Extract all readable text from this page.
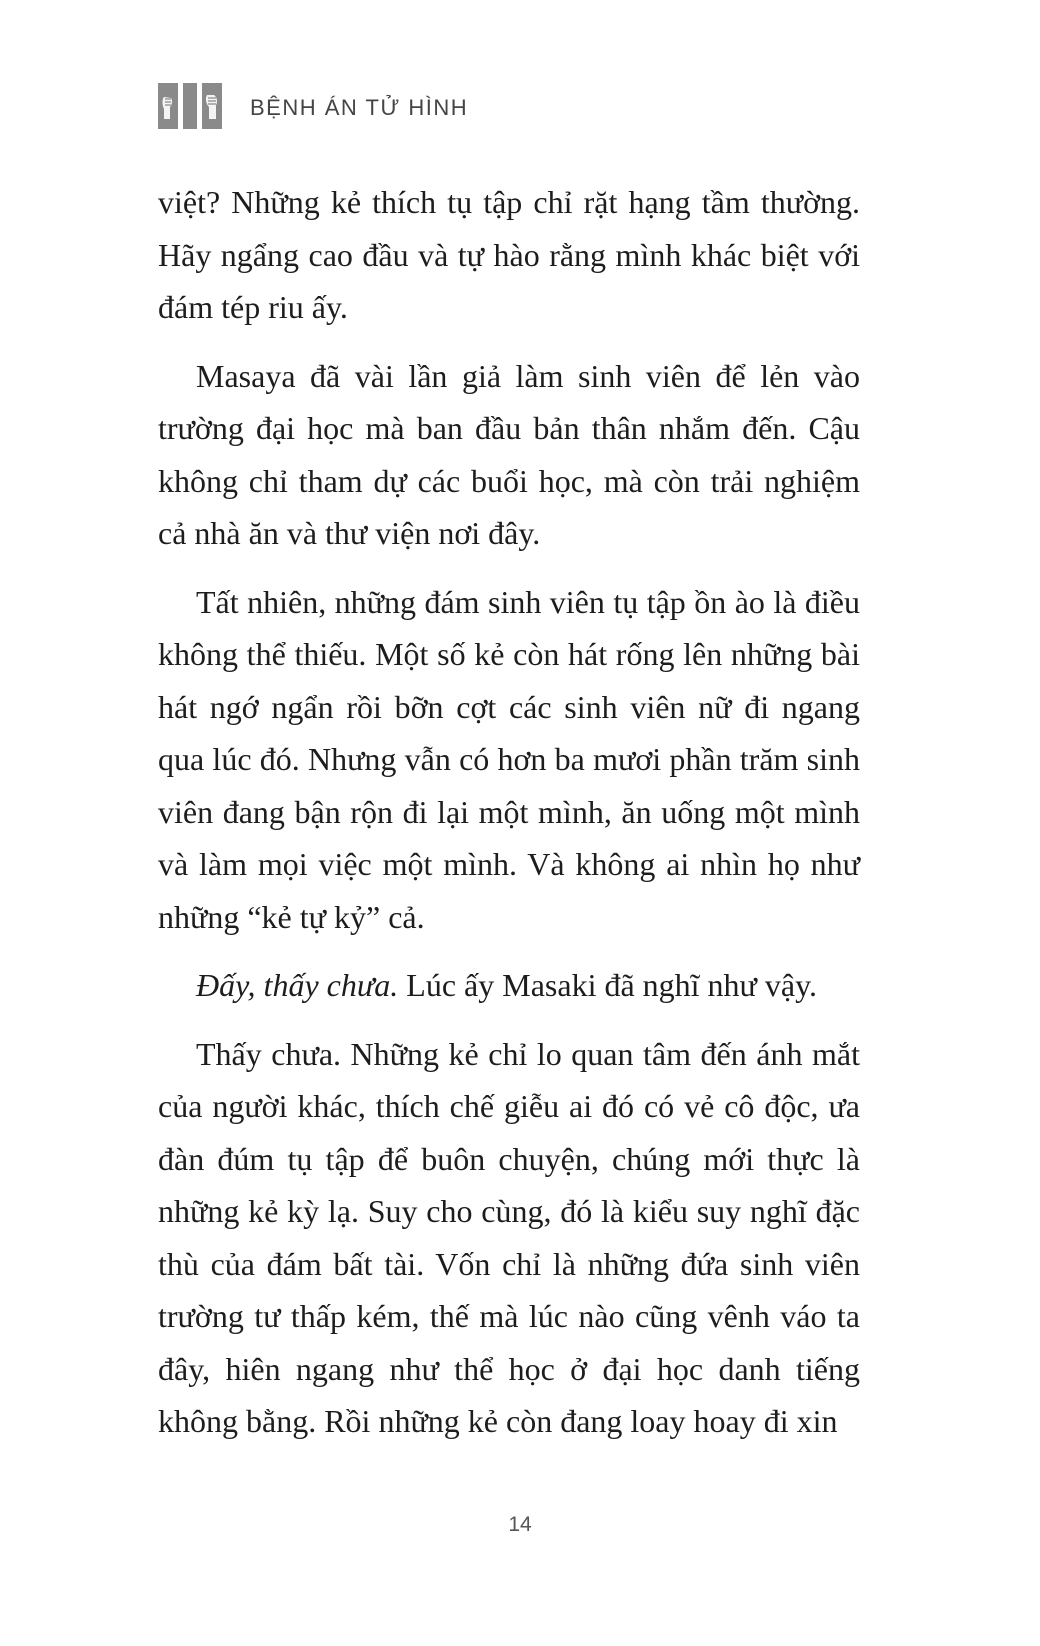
BỆNH ÁN TỬ HÌNH

việt? Những kẻ thích tụ tập chỉ rặt hạng tầm thường. Hãy ngẩng cao đầu và tự hào rằng mình khác biệt với đám tép riu ấy.

Masaya đã vài lần giả làm sinh viên để lẻn vào trường đại học mà ban đầu bản thân nhắm đến. Cậu không chỉ tham dự các buổi học, mà còn trải nghiệm cả nhà ăn và thư viện nơi đây.

Tất nhiên, những đám sinh viên tụ tập ồn ào là điều không thể thiếu. Một số kẻ còn hát rống lên những bài hát ngớ ngẩn rồi bỡn cợt các sinh viên nữ đi ngang qua lúc đó. Nhưng vẫn có hơn ba mươi phần trăm sinh viên đang bận rộn đi lại một mình, ăn uống một mình và làm mọi việc một mình. Và không ai nhìn họ như những “kẻ tự kỷ” cả.

Đấy, thấy chưa. Lúc ấy Masaki đã nghĩ như vậy.

Thấy chưa. Những kẻ chỉ lo quan tâm đến ánh mắt của người khác, thích chế giễu ai đó có vẻ cô độc, ưa đàn đúm tụ tập để buôn chuyện, chúng mới thực là những kẻ kỳ lạ. Suy cho cùng, đó là kiểu suy nghĩ đặc thù của đám bất tài. Vốn chỉ là những đứa sinh viên trường tư thấp kém, thế mà lúc nào cũng vênh váo ta đây, hiên ngang như thể học ở đại học danh tiếng không bằng. Rồi những kẻ còn đang loay hoay đi xin

14
